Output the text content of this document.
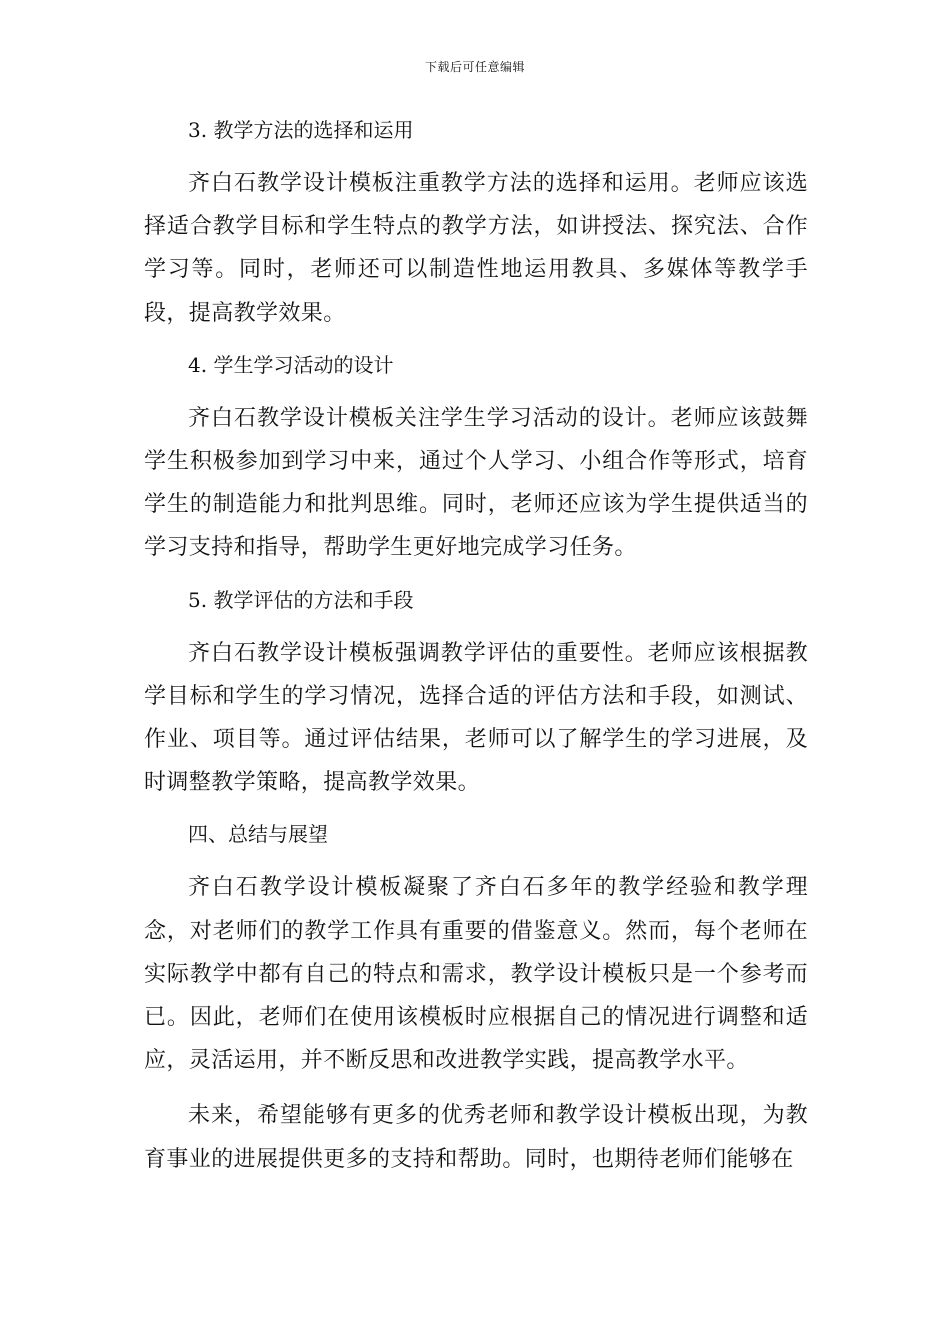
下载后可任意编辑

3. 教学方法的选择和运用

齐白石教学设计模板注重教学方法的选择和运用。老师应该选择适合教学目标和学生特点的教学方法，如讲授法、探究法、合作学习等。同时，老师还可以制造性地运用教具、多媒体等教学手段，提高教学效果。

4. 学生学习活动的设计

齐白石教学设计模板关注学生学习活动的设计。老师应该鼓舞学生积极参加到学习中来，通过个人学习、小组合作等形式，培育学生的制造能力和批判思维。同时，老师还应该为学生提供适当的学习支持和指导，帮助学生更好地完成学习任务。

5. 教学评估的方法和手段

齐白石教学设计模板强调教学评估的重要性。老师应该根据教学目标和学生的学习情况，选择合适的评估方法和手段，如测试、作业、项目等。通过评估结果，老师可以了解学生的学习进展，及时调整教学策略，提高教学效果。

四、总结与展望

齐白石教学设计模板凝聚了齐白石多年的教学经验和教学理念，对老师们的教学工作具有重要的借鉴意义。然而，每个老师在实际教学中都有自己的特点和需求，教学设计模板只是一个参考而已。因此，老师们在使用该模板时应根据自己的情况进行调整和适应，灵活运用，并不断反思和改进教学实践，提高教学水平。

未来，希望能够有更多的优秀老师和教学设计模板出现，为教育事业的进展提供更多的支持和帮助。同时，也期待老师们能够在
